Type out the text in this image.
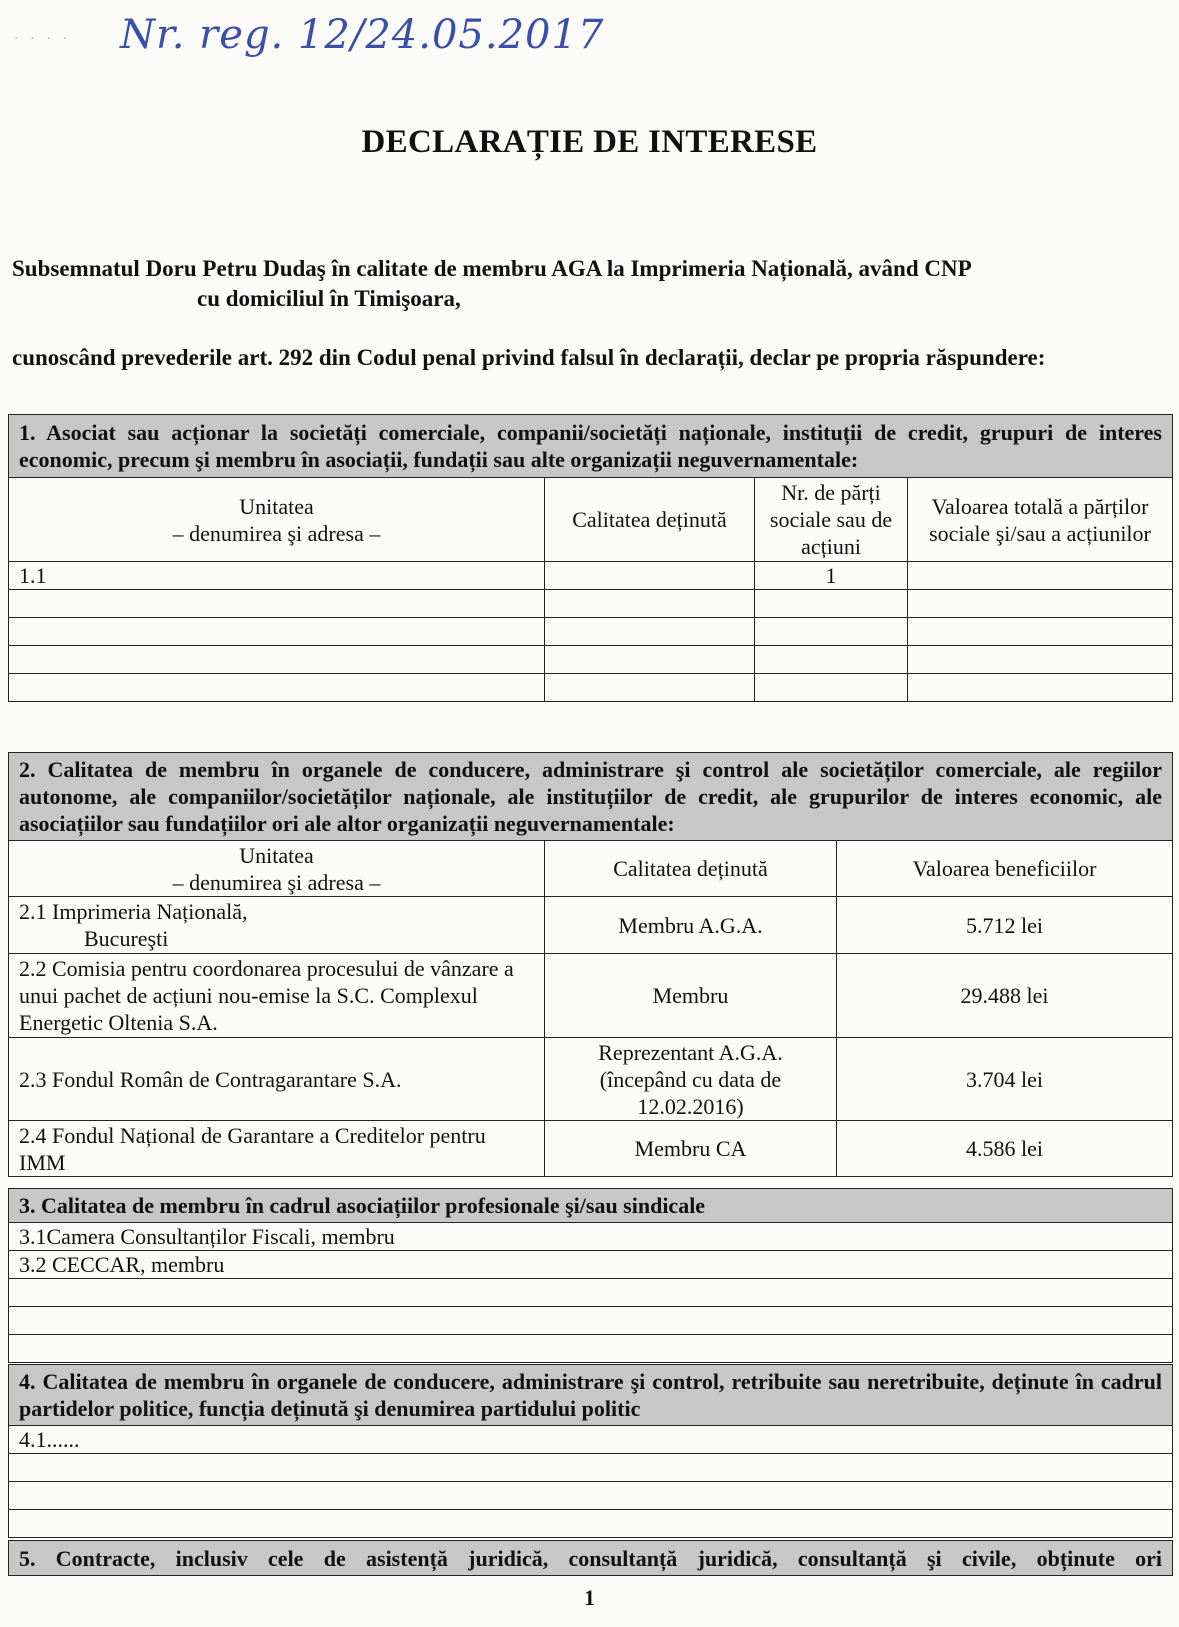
· · · · Nr. reg. 12/24.05.2017
DECLARAȚIE DE INTERESE
Subsemnatul Doru Petru Dudaş în calitate de membru AGA la Imprimeria Națională, având CNP
cu domiciliul în Timişoara,
cunoscând prevederile art. 292 din Codul penal privind falsul în declarații, declar pe propria răspundere:
1. Asociat sau acționar la societăți comerciale, companii/societăți naționale, instituții de credit, grupuri de interes economic, precum şi membru în asociații, fundații sau alte organizații neguvernamentale:			

Unitatea
– denumirea şi adresa –	Calitatea deținută	Nr. de părți sociale sau de acțiuni	Valoarea totală a părților sociale şi/sau a acțiunilor
1.1		1	

2. Calitatea de membru în organele de conducere, administrare şi control ale societăților comerciale, ale regiilor autonome, ale companiilor/societăților naționale, ale instituțiilor de credit, ale grupurilor de interes economic, ale asociațiilor sau fundațiilor ori ale altor organizații neguvernamentale:		

Unitatea
– denumirea şi adresa –	Calitatea deținută	Valoarea beneficiilor

2.1 Imprimeria Națională,
Bucureşti	Membru A.G.A.	5.712 lei
2.2 Comisia pentru coordonarea procesului de vânzare a unui pachet de acțiuni nou-emise la S.C. Complexul Energetic Oltenia S.A.	Membru	29.488 lei
2.3 Fondul Român de Contragarantare S.A.	Reprezentant A.G.A. (începând cu data de 12.02.2016)	3.704 lei
2.4 Fondul Național de Garantare a Creditelor pentru IMM	Membru CA	4.586 lei
3. Calitatea de membru în cadrul asociațiilor profesionale şi/sau sindicale
3.1Camera Consultanților Fiscali, membru
3.2 CECCAR, membru

4. Calitatea de membru în organele de conducere, administrare şi control, retribuite sau neretribuite, deținute în cadrul partidelor politice, funcția deținută şi denumirea partidului politic
4.1......

5. Contracte, inclusiv cele de asistență juridică, consultanță juridică, consultanță şi civile, obținute ori
1
